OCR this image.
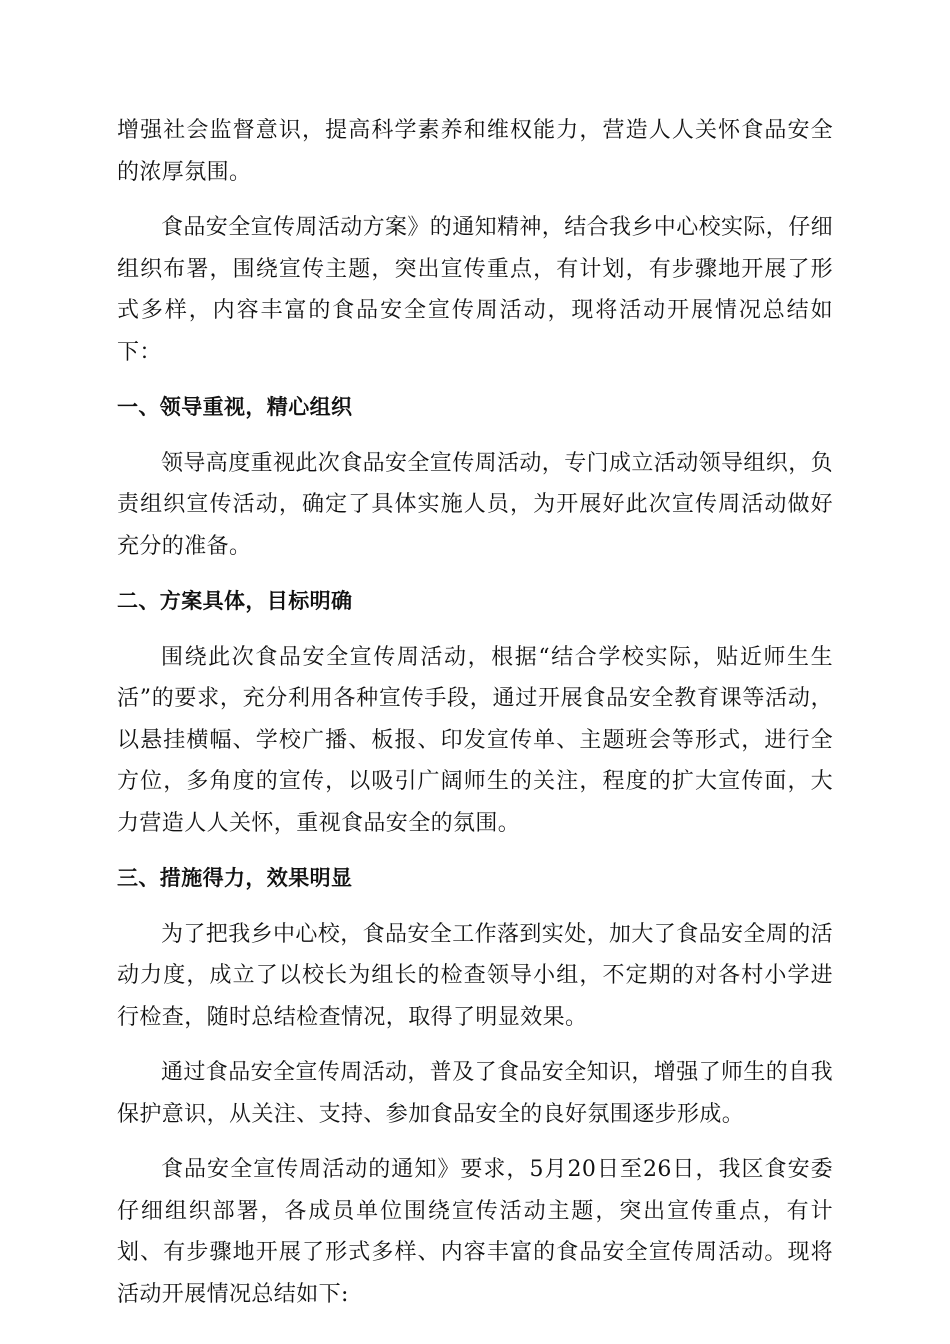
增强社会监督意识，提高科学素养和维权能力，营造人人关怀食品安全的浓厚氛围。

食品安全宣传周活动方案》的通知精神，结合我乡中心校实际，仔细组织布署，围绕宣传主题，突出宣传重点，有计划，有步骤地开展了形式多样，内容丰富的食品安全宣传周活动，现将活动开展情况总结如下：

一、领导重视，精心组织

领导高度重视此次食品安全宣传周活动，专门成立活动领导组织，负责组织宣传活动，确定了具体实施人员，为开展好此次宣传周活动做好充分的准备。

二、方案具体，目标明确

围绕此次食品安全宣传周活动，根据“结合学校实际，贴近师生生活”的要求，充分利用各种宣传手段，通过开展食品安全教育课等活动，以悬挂横幅、学校广播、板报、印发宣传单、主题班会等形式，进行全方位，多角度的宣传，以吸引广阔师生的关注，程度的扩大宣传面，大力营造人人关怀，重视食品安全的氛围。

三、措施得力，效果明显

为了把我乡中心校，食品安全工作落到实处，加大了食品安全周的活动力度，成立了以校长为组长的检查领导小组，不定期的对各村小学进行检查，随时总结检查情况，取得了明显效果。

通过食品安全宣传周活动，普及了食品安全知识，增强了师生的自我保护意识，从关注、支持、参加食品安全的良好氛围逐步形成。

食品安全宣传周活动的通知》要求，5月20日至26日，我区食安委仔细组织部署，各成员单位围绕宣传活动主题，突出宣传重点，有计划、有步骤地开展了形式多样、内容丰富的食品安全宣传周活动。现将活动开展情况总结如下:
